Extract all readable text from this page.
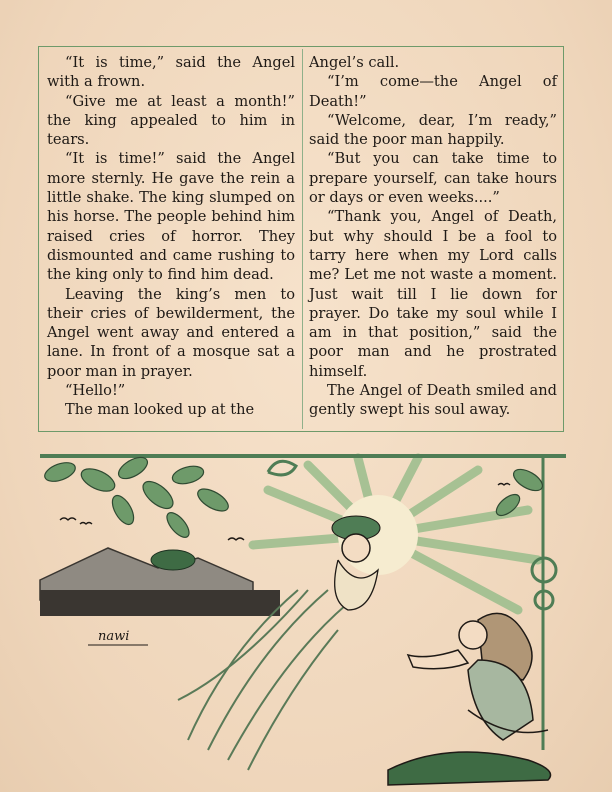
“It is time,” said the Angel with a frown.

“Give me at least a month!” the king appealed to him in tears.

“It is time!” said the Angel more sternly. He gave the rein a little shake. The king slumped on his horse. The people behind him raised cries of horror. They dismounted and came rushing to the king only to find him dead.

Leaving the king’s men to their cries of bewilderment, the Angel went away and entered a lane. In front of a mosque sat a poor man in prayer.

“Hello!”

The man looked up at the

Angel’s call.

“I’m come—the Angel of Death!”

“Welcome, dear, I’m ready,” said the poor man happily.

“But you can take time to prepare yourself, can take hours or days or even weeks....”

“Thank you, Angel of Death, but why should I be a fool to tarry here when my Lord calls me? Let me not waste a moment. Just wait till I lie down for prayer. Do take my soul while I am in that position,” said the poor man and he prostrated himself.

The Angel of Death smiled and gently swept his soul away.

nawi
